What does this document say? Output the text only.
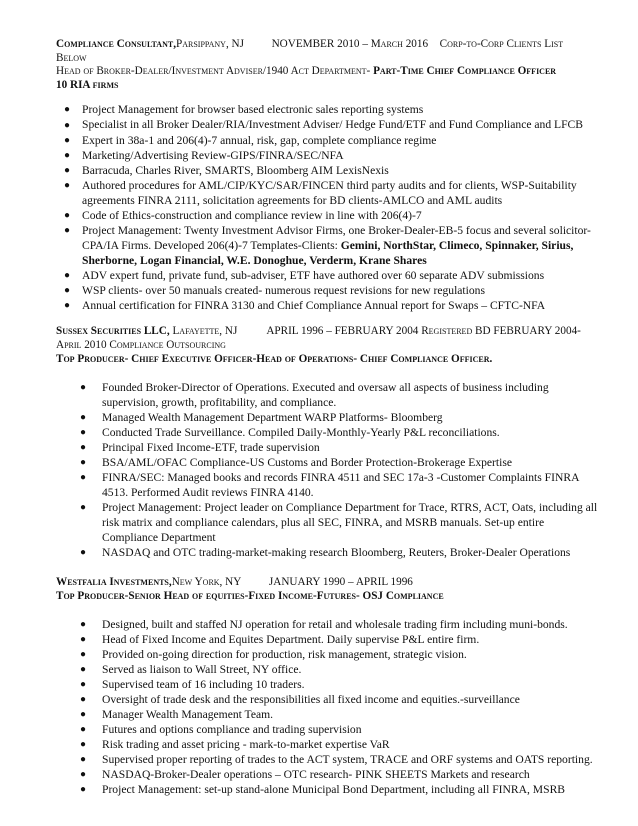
Compliance Consultant,Parsippany, NJ NOVEMBER 2010 – March 2016 Corp-to-Corp Clients List
Below
Head of Broker-Dealer/Investment Adviser/1940 Act Department- Part-Time Chief Compliance Officer
10 RIA firms
● Project Management for browser based electronic sales reporting systems
● Specialist in all Broker Dealer/RIA/Investment Adviser/ Hedge Fund/ETF and Fund Compliance and LFCB
● Expert in 38a-1 and 206(4)-7 annual, risk, gap, complete compliance regime
● Marketing/Advertising Review-GIPS/FINRA/SEC/NFA
● Barracuda, Charles River, SMARTS, Bloomberg AIM LexisNexis
● Authored procedures for AML/CIP/KYC/SAR/FINCEN third party audits and for clients, WSP-Suitability agreements FINRA 2111, solicitation agreements for BD clients-AMLCO and AML audits
● Code of Ethics-construction and compliance review in line with 206(4)-7
● Project Management: Twenty Investment Advisor Firms, one Broker-Dealer-EB-5 focus and several solicitor-CPA/IA Firms. Developed 206(4)-7 Templates-Clients: Gemini, NorthStar, Climeco, Spinnaker, Sirius, Sherborne, Logan Financial, W.E. Donoghue, Verderm, Krane Shares
● ADV expert fund, private fund, sub-adviser, ETF have authored over 60 separate ADV submissions
● WSP clients- over 50 manuals created- numerous request revisions for new regulations
● Annual certification for FINRA 3130 and Chief Compliance Annual report for Swaps – CFTC-NFA
Sussex Securities LLC, Lafayette, NJ	APRIL 1996 – FEBRUARY 2004 Registered BD FEBRUARY 2004-
April 2010 Compliance Outsourcing
Top Producer- Chief Executive Officer-Head of Operations- Chief Compliance Officer.
● Founded Broker-Director of Operations. Executed and oversaw all aspects of business including supervision, growth, profitability, and compliance.
● Managed Wealth Management Department WARP Platforms- Bloomberg
● Conducted Trade Surveillance. Compiled Daily-Monthly-Yearly P&L reconciliations.
● Principal Fixed Income-ETF, trade supervision
● BSA/AML/OFAC Compliance-US Customs and Border Protection-Brokerage Expertise
● FINRA/SEC: Managed books and records FINRA 4511 and SEC 17a-3 -Customer Complaints FINRA 4513. Performed Audit reviews FINRA 4140.
● Project Management: Project leader on Compliance Department for Trace, RTRS, ACT, Oats, including all risk matrix and compliance calendars, plus all SEC, FINRA, and MSRB manuals. Set-up entire Compliance Department
● NASDAQ and OTC trading-market-making research Bloomberg, Reuters, Broker-Dealer Operations
Westfalia Investments,New York, NY JANUARY 1990 – APRIL 1996
Top Producer-Senior Head of equities-Fixed Income-Futures- OSJ Compliance
● Designed, built and staffed NJ operation for retail and wholesale trading firm including muni-bonds.
● Head of Fixed Income and Equites Department. Daily supervise P&L entire firm.
● Provided on-going direction for production, risk management, strategic vision.
● Served as liaison to Wall Street, NY office.
● Supervised team of 16 including 10 traders.
● Oversight of trade desk and the responsibilities all fixed income and equities.-surveillance
● Manager Wealth Management Team.
● Futures and options compliance and trading supervision
● Risk trading and asset pricing - mark-to-market expertise VaR
● Supervised proper reporting of trades to the ACT system, TRACE and ORF systems and OATS reporting.
● NASDAQ-Broker-Dealer operations – OTC research- PINK SHEETS Markets and research
● Project Management: set-up stand-alone Municipal Bond Department, including all FINRA, MSRB
